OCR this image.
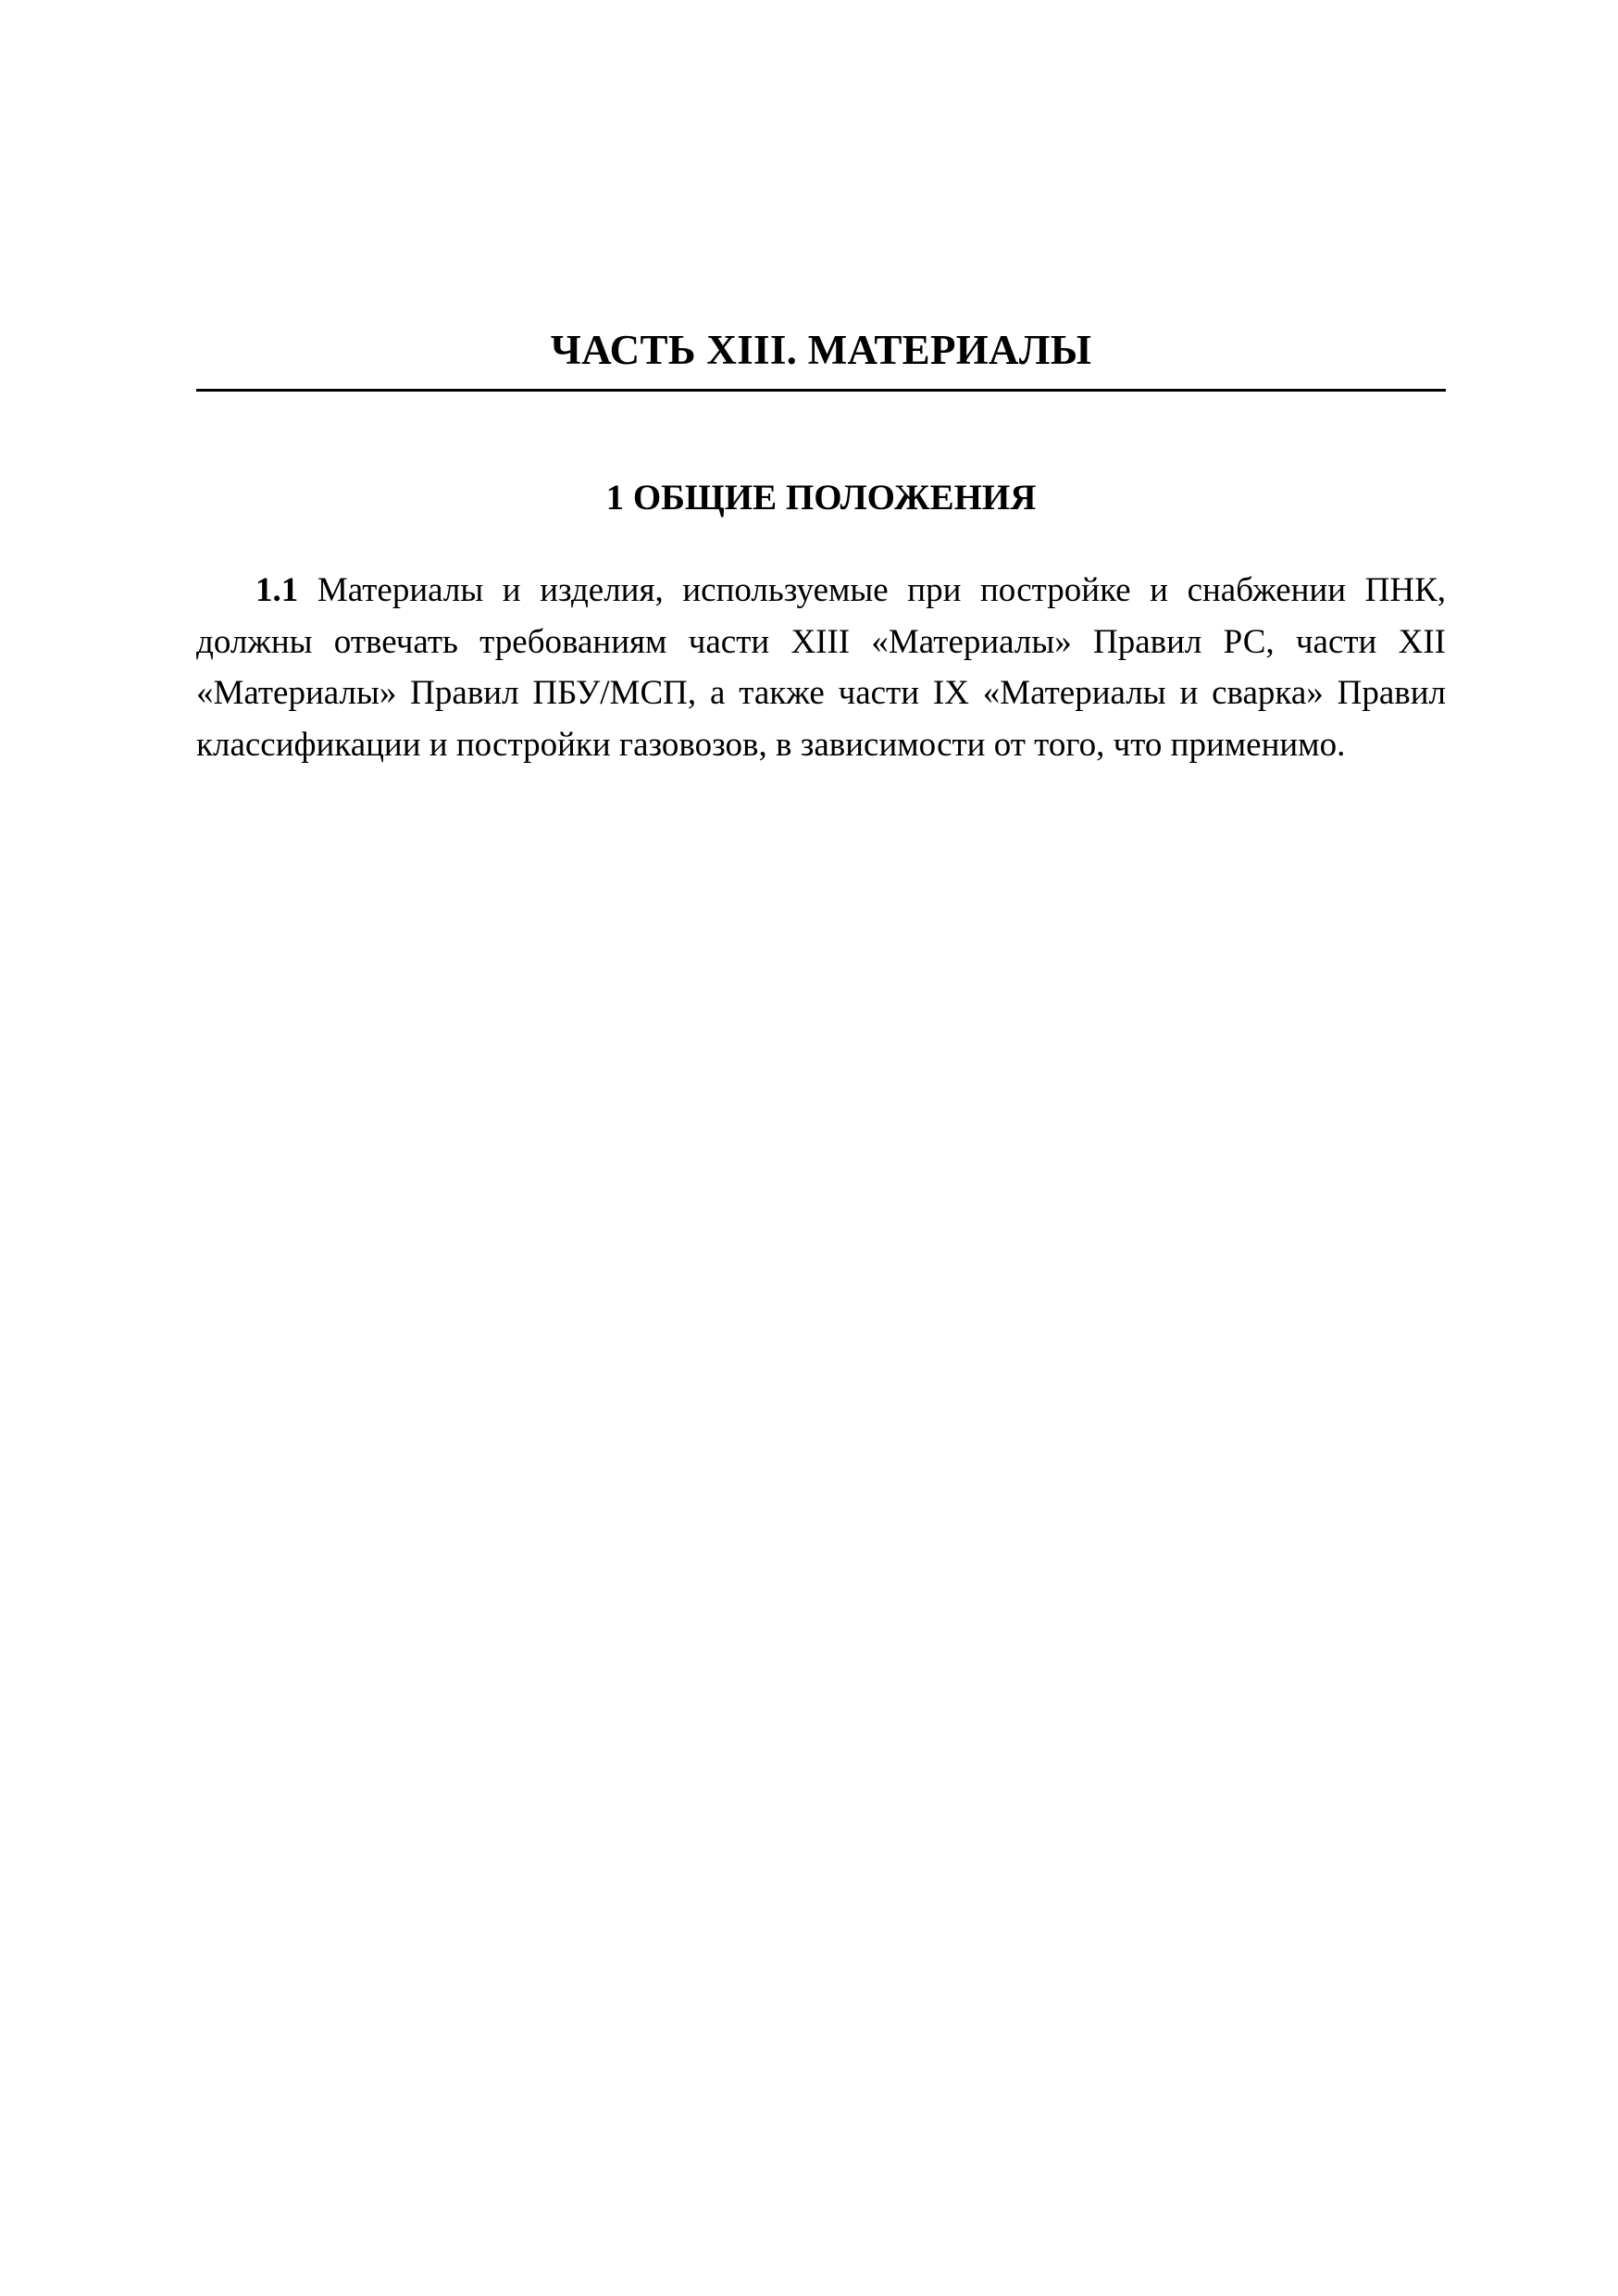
ЧАСТЬ XIII. МАТЕРИАЛЫ
1 ОБЩИЕ ПОЛОЖЕНИЯ

1.1 Материалы и изделия, используемые при постройке и снабжении ПНК, должны отвечать требованиям части XIII «Материалы» Правил РС, части XII «Материалы» Правил ПБУ/МСП, а также части IX «Материалы и сварка» Правил классификации и постройки газовозов, в зависимости от того, что применимо.
